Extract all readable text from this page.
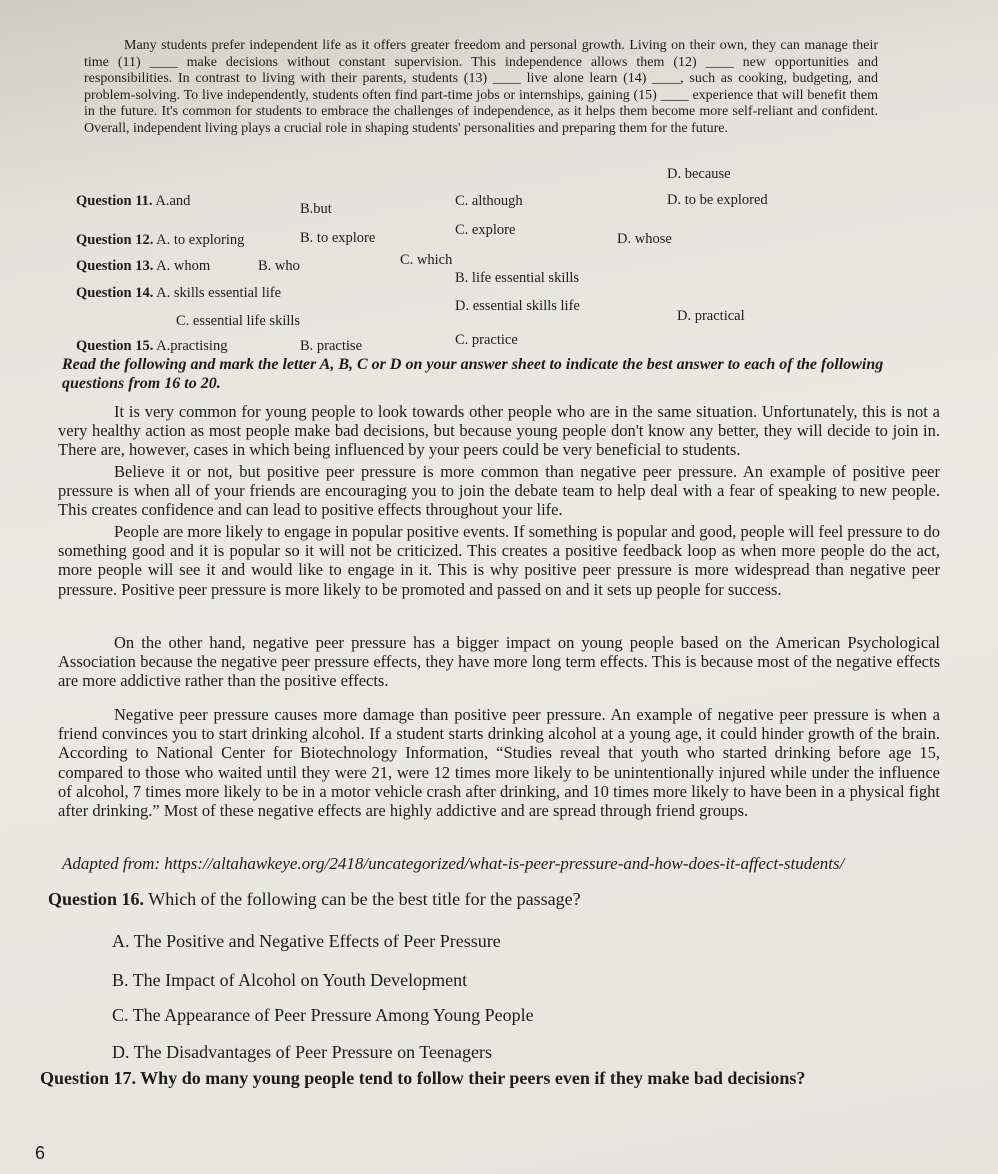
Many students prefer independent life as it offers greater freedom and personal growth. Living on their own, they can manage their time (11) ____ make decisions without constant supervision. This independence allows them (12) ____ new opportunities and responsibilities. In contrast to living with their parents, students (13) ____ live alone learn (14) ____, such as cooking, budgeting, and problem-solving. To live independently, students often find part-time jobs or internships, gaining (15) ____ experience that will benefit them in the future. It's common for students to embrace the challenges of independence, as it helps them become more self-reliant and confident. Overall, independent living plays a crucial role in shaping students' personalities and preparing them for the future.

Question 11. A.and	B.but	C. although
D. because
Question 12. A. to exploring	B. to explore	C. explore
D. to be explored
Question 13. A. whom	B. who	C. which
D. whose
Question 14. A. skills essential life
B. life essential skills
C. essential life skills
D. essential skills life
Question 15. A.practising	B. practise	C. practice
D. practical
Read the following and mark the letter A, B, C or D on your answer sheet to indicate the best answer to each of the following questions from 16 to 20.

It is very common for young people to look towards other people who are in the same situation. Unfortunately, this is not a very healthy action as most people make bad decisions, but because young people don't know any better, they will decide to join in. There are, however, cases in which being influenced by your peers could be very beneficial to students.

Believe it or not, but positive peer pressure is more common than negative peer pressure. An example of positive peer pressure is when all of your friends are encouraging you to join the debate team to help deal with a fear of speaking to new people. This creates confidence and can lead to positive effects throughout your life.

People are more likely to engage in popular positive events. If something is popular and good, people will feel pressure to do something good and it is popular so it will not be criticized. This creates a positive feedback loop as when more people do the act, more people will see it and would like to engage in it. This is why positive peer pressure is more widespread than negative peer pressure. Positive peer pressure is more likely to be promoted and passed on and it sets up people for success.

On the other hand, negative peer pressure has a bigger impact on young people based on the American Psychological Association because the negative peer pressure effects, they have more long term effects. This is because most of the negative effects are more addictive rather than the positive effects.

Negative peer pressure causes more damage than positive peer pressure. An example of negative peer pressure is when a friend convinces you to start drinking alcohol. If a student starts drinking alcohol at a young age, it could hinder growth of the brain. According to National Center for Biotechnology Information, “Studies reveal that youth who started drinking before age 15, compared to those who waited until they were 21, were 12 times more likely to be unintentionally injured while under the influence of alcohol, 7 times more likely to be in a motor vehicle crash after drinking, and 10 times more likely to have been in a physical fight after drinking.” Most of these negative effects are highly addictive and are spread through friend groups.

Adapted from: https://altahawkeye.org/2418/uncategorized/what-is-peer-pressure-and-how-does-it-affect-students/
Question 16. Which of the following can be the best title for the passage?
A. The Positive and Negative Effects of Peer Pressure
B. The Impact of Alcohol on Youth Development
C. The Appearance of Peer Pressure Among Young People
D. The Disadvantages of Peer Pressure on Teenagers
Question 17. Why do many young people tend to follow their peers even if they make bad decisions?
6
